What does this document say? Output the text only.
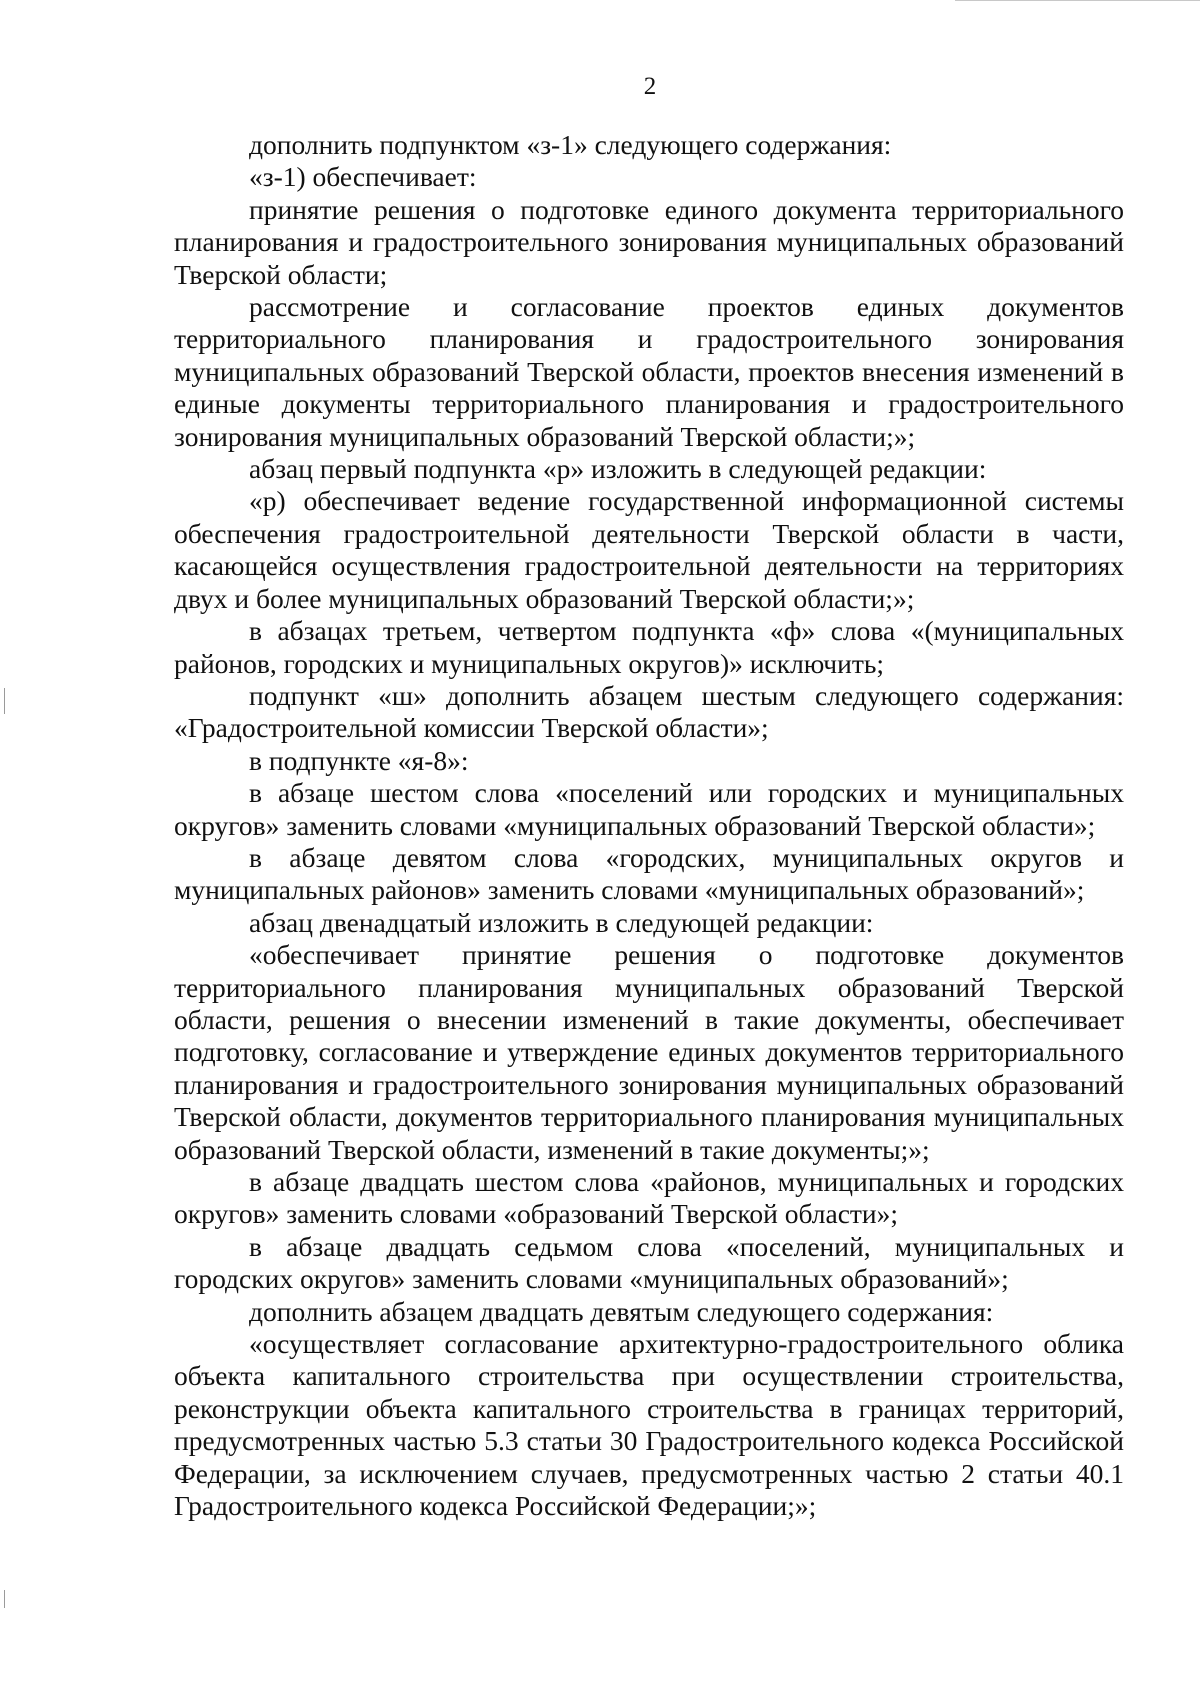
2

дополнить подпунктом «з-1» следующего содержания:

«з-1) обеспечивает:

принятие решения о подготовке единого документа территориального планирования и градостроительного зонирования муниципальных образований Тверской области;

рассмотрение и согласование проектов единых документов территориального планирования и градостроительного зонирования муниципальных образований Тверской области, проектов внесения изменений в единые документы территориального планирования и градостроительного зонирования муниципальных образований Тверской области;»;

абзац первый подпункта «р» изложить в следующей редакции:

«р) обеспечивает ведение государственной информационной системы обеспечения градостроительной деятельности Тверской области в части, касающейся осуществления градостроительной деятельности на территориях двух и более муниципальных образований Тверской области;»;

в абзацах третьем, четвертом подпункта «ф» слова «(муниципальных районов, городских и муниципальных округов)» исключить;

подпункт «ш» дополнить абзацем шестым следующего содержания: «Градостроительной комиссии Тверской области»;

в подпункте «я-8»:

в абзаце шестом слова «поселений или городских и муниципальных округов» заменить словами «муниципальных образований Тверской области»;

в абзаце девятом слова «городских, муниципальных округов и муниципальных районов» заменить словами «муниципальных образований»;

абзац двенадцатый изложить в следующей редакции:

«обеспечивает принятие решения о подготовке документов территориального планирования муниципальных образований Тверской области, решения о внесении изменений в такие документы, обеспечивает подготовку, согласование и утверждение единых документов территориального планирования и градостроительного зонирования муниципальных образований Тверской области, документов территориального планирования муниципальных образований Тверской области, изменений в такие документы;»;

в абзаце двадцать шестом слова «районов, муниципальных и городских округов» заменить словами «образований Тверской области»;

в абзаце двадцать седьмом слова «поселений, муниципальных и городских округов» заменить словами «муниципальных образований»;

дополнить абзацем двадцать девятым следующего содержания:

«осуществляет согласование архитектурно-градостроительного облика объекта капитального строительства при осуществлении строительства, реконструкции объекта капитального строительства в границах территорий, предусмотренных частью 5.3 статьи 30 Градостроительного кодекса Российской Федерации, за исключением случаев, предусмотренных частью 2 статьи 40.1 Градостроительного кодекса Российской Федерации;»;
